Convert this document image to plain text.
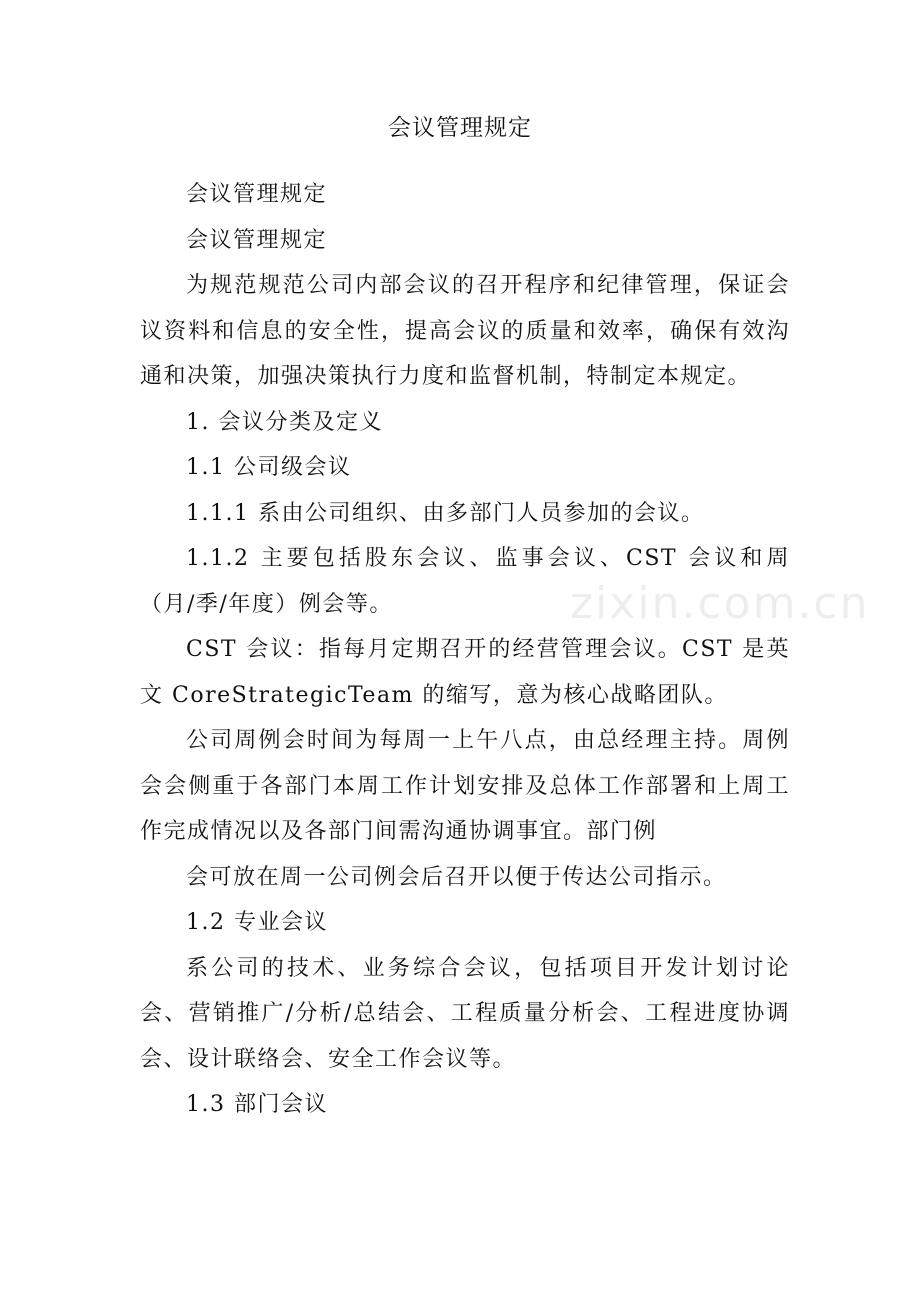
会议管理规定

会议管理规定

会议管理规定

为规范规范公司内部会议的召开程序和纪律管理，保证会议资料和信息的安全性，提高会议的质量和效率，确保有效沟通和决策，加强决策执行力度和监督机制，特制定本规定。

1. 会议分类及定义

1.1 公司级会议

1.1.1 系由公司组织、由多部门人员参加的会议。

1.1.2 主要包括股东会议、监事会议、CST 会议和周（月/季/年度）例会等。

CST 会议：指每月定期召开的经营管理会议。CST 是英文 CoreStrategicTeam 的缩写，意为核心战略团队。

公司周例会时间为每周一上午八点，由总经理主持。周例会会侧重于各部门本周工作计划安排及总体工作部署和上周工作完成情况以及各部门间需沟通协调事宜。部门例

会可放在周一公司例会后召开以便于传达公司指示。

1.2 专业会议

系公司的技术、业务综合会议，包括项目开发计划讨论会、营销推广/分析/总结会、工程质量分析会、工程进度协调会、设计联络会、安全工作会议等。

1.3 部门会议

zixin.com.cn
